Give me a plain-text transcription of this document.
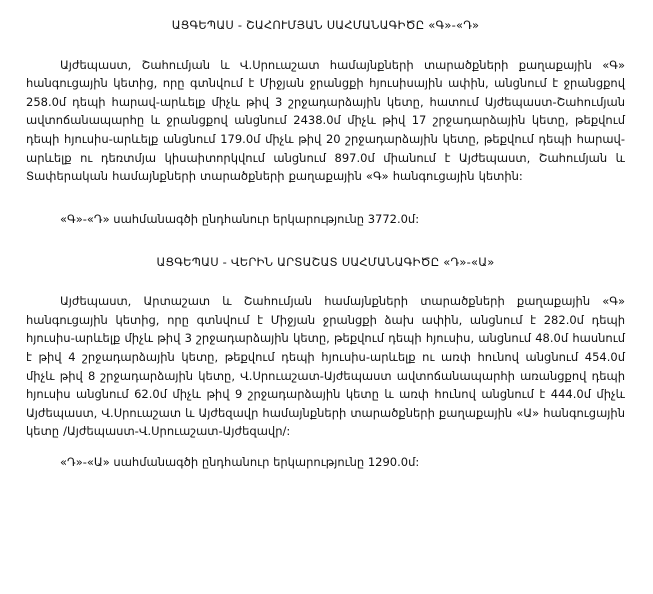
ԱՑԳԵՊԱՍ - ՇԱՀՈՒՄՅԱՆ ՍԱՀՄԱՆԱԳԻԾԸ «Գ»-«Դ»

Այժեպաստ, Շահումյան և Վ.Սրուաշատ համայնքների տարածքների քաղաքային «Գ» հանգուցային կետից, որը գտնվում է Միջյան ջրանցքի հյուսիսային ափին, անցնում է ջրանցքով 258.0մ դեպի հարավ-արևելք միչև թիվ 3 շրջադարձային կետը, հատում Այժեպաստ-Շահումյան ավտոճանապարհը և ջրանցքով անցնում 2438.0մ միչև թիվ 17 շրջադարձային կետը, թեքվում դեպի հյուսիս-արևելք անցնում 179.0մ միչև թիվ 20 շրջադարձային կետը, թեքվում դեպի հարավ-արևելք ու դեռտմյա կիսաիտորկվում անցնում 897.0մ միանում է Այժեպաստ, Շահումյան և Տափերական համայնքների տարածքների քաղաքային «Գ» հանգուցային կետին:

«Գ»-«Դ» սահմանագծի ընդհանուր երկարությունը 3772.0մ:

ԱՑԳԵՊԱՍ - ՎԵՐԻՆ ԱՐՏԱՇԱՏ ՍԱՀՄԱՆԱԳԻԾԸ «Դ»-«Ա»

Այժեպաստ, Արտաշատ և Շահումյան համայնքների տարածքների քաղաքային «Գ» հանգուցային կետից, որը գտնվում է Միջյան ջրանցքի ձախ ափին, անցնում է 282.0մ դեպի հյուսիս-արևելք միչև թիվ 3 շրջադարձային կետը, թեքվում դեպի հյուսիս, անցնում 48.0մ հասնում է թիվ 4 շրջադարձային կետը, թեքվում դեպի հյուսիս-արևելք ու առփ հունով անցնում 454.0մ միչև թիվ 8 շրջադարձային կետը, Վ.Սրուաշատ-Այժեպաստ ավտոճանապարհի առանցքով դեպի հյուսիս անցնում 62.0մ միչև թիվ 9 շրջադարձային կետը և առփ հունով անցնում է 444.0մ միչև Այժեպաստ, Վ.Սրուաշատ և Այժեզավր համայնքների տարածքների քաղաքային «Ա» հանգուցային կետը /Այժեպաստ-Վ.Սրուաշատ-Այժեզավր/:

«Դ»-«Ա» սահմանագծի ընդհանուր երկարությունը 1290.0մ:
